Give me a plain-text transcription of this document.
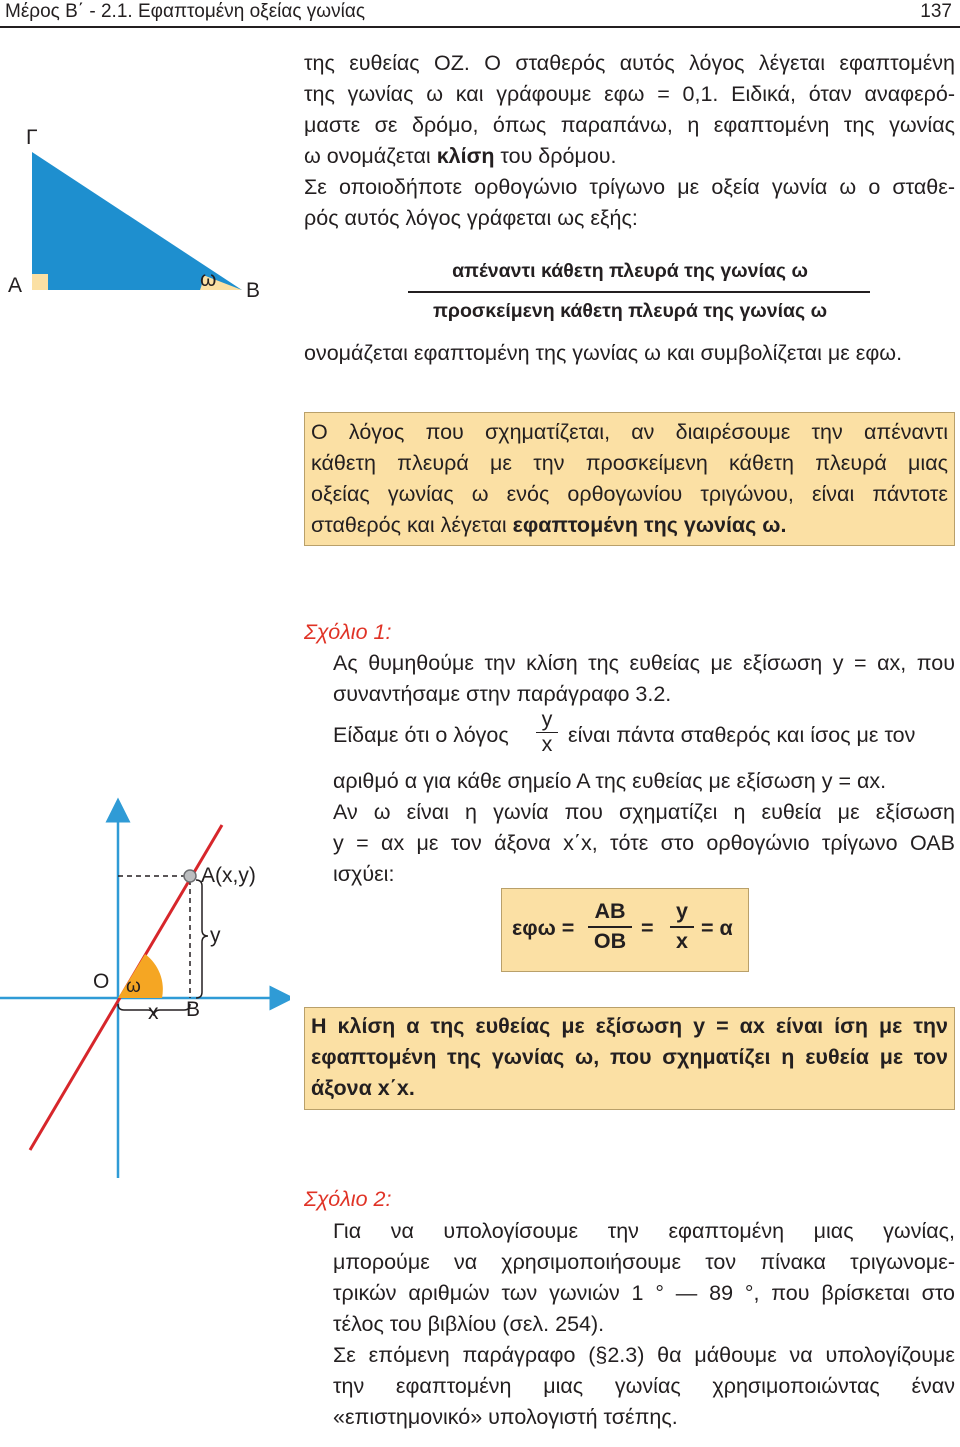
Μέρος Β΄ - 2.1. Εφαπτομένη οξείας γωνίας	137
Γ
Α	ω Β
της ευθείας ΟΖ. Ο σταθερός αυτός λόγος λέγεται εφαπτομένη
της γωνίας ω και γράφουμε εφω = 0,1. Ειδικά, όταν αναφερό-
μαστε σε δρόμο, όπως παραπάνω, η εφαπτομένη της γωνίας
ω ονομάζεται κλίση του δρόμου.
Σε οποιοδήποτε ορθογώνιο τρίγωνο με οξεία γωνία ω ο σταθε-
ρός αυτός λόγος γράφεται ως εξής:
απέναντι κάθετη πλευρά της γωνίας ω
προσκείμενη κάθετη πλευρά της γωνίας ω
ονομάζεται εφαπτομένη της γωνίας ω και συμβολίζεται με εφω.
Ο λόγος που σχηματίζεται, αν διαιρέσουμε την απέναντι
κάθετη πλευρά με την προσκείμενη κάθετη πλευρά μιας
οξείας γωνίας ω ενός ορθογωνίου τριγώνου, είναι πάντοτε
σταθερός και λέγεται εφαπτομένη της γωνίας ω.
Σχόλιο 1:
Ας θυμηθούμε την κλίση της ευθείας με εξίσωση y = αx, που
συναντήσαμε στην παράγραφο 3.2.
Είδαμε ότι ο λόγος
y
x είναι πάντα σταθερός και ίσος με τον
αριθμό α για κάθε σημείο Α της ευθείας με εξίσωση y = αx.
Αν ω είναι η γωνία που σχηματίζει η ευθεία με εξίσωση
y = αx με τον άξονα x΄x, τότε στο ορθογώνιο τρίγωνο ΟΑΒ
ισχύει:
εφω =
ΑΒ
ΟΒ
=
y
x
= α
Η κλίση α της ευθείας με εξίσωση y = αx είναι ίση με την
εφαπτομένη της γωνίας ω, που σχηματίζει η ευθεία με τον
άξονα x΄x.
Α(x,y)
Ο ω
x Β
y
Σχόλιο 2:
Για να υπολογίσουμε την εφαπτομένη μιας γωνίας,
μπορούμε να χρησιμοποιήσουμε τον πίνακα τριγωνομε-
τρικών αριθμών των γωνιών 1 ° — 89 °, που βρίσκεται στο
τέλος του βιβλίου (σελ. 254).
Σε επόμενη παράγραφο (§2.3) θα μάθουμε να υπολογίζουμε
την εφαπτομένη μιας γωνίας χρησιμοποιώντας έναν
«επιστημονικό» υπολογιστή τσέπης.
